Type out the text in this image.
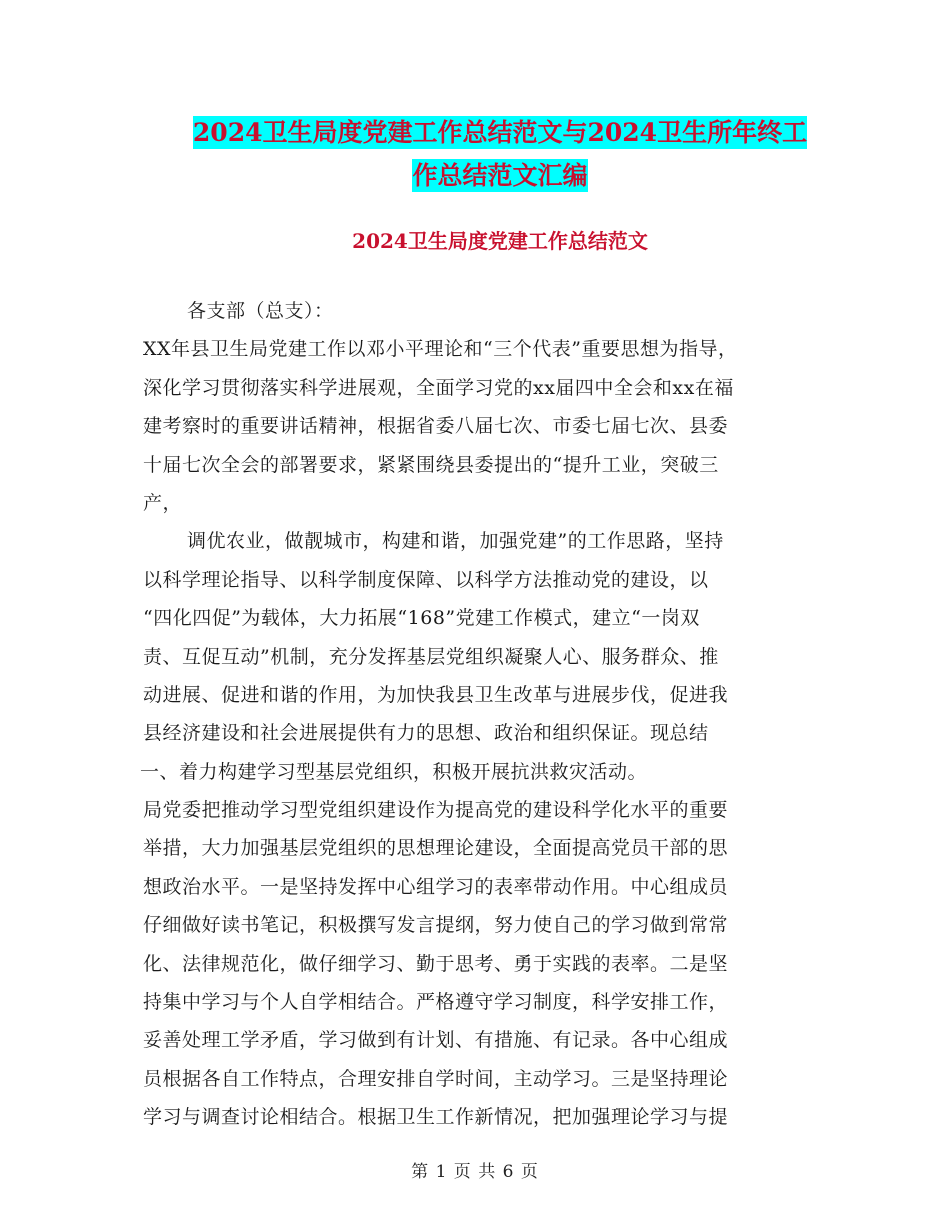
2024卫生局度党建工作总结范文与2024卫生所年终工
作总结范文汇编
2024卫生局度党建工作总结范文
各支部（总支）：
XX年县卫生局党建工作以邓小平理论和“三个代表”重要思想为指导，
深化学习贯彻落实科学进展观，全面学习党的xx届四中全会和xx在福
建考察时的重要讲话精神，根据省委八届七次、市委七届七次、县委
十届七次全会的部署要求，紧紧围绕县委提出的“提升工业，突破三
产，
调优农业，做靓城市，构建和谐，加强党建”的工作思路，坚持
以科学理论指导、以科学制度保障、以科学方法推动党的建设，以
“四化四促”为载体，大力拓展“168”党建工作模式，建立“一岗双
责、互促互动”机制，充分发挥基层党组织凝聚人心、服务群众、推
动进展、促进和谐的作用，为加快我县卫生改革与进展步伐，促进我
县经济建设和社会进展提供有力的思想、政治和组织保证。现总结
一、着力构建学习型基层党组织，积极开展抗洪救灾活动。
局党委把推动学习型党组织建设作为提高党的建设科学化水平的重要
举措，大力加强基层党组织的思想理论建设，全面提高党员干部的思
想政治水平。一是坚持发挥中心组学习的表率带动作用。中心组成员
仔细做好读书笔记，积极撰写发言提纲，努力使自己的学习做到常常
化、法律规范化，做仔细学习、勤于思考、勇于实践的表率。二是坚
持集中学习与个人自学相结合。严格遵守学习制度，科学安排工作，
妥善处理工学矛盾，学习做到有计划、有措施、有记录。各中心组成
员根据各自工作特点，合理安排自学时间，主动学习。三是坚持理论
学习与调查讨论相结合。根据卫生工作新情况，把加强理论学习与提
第 1 页 共 6 页
